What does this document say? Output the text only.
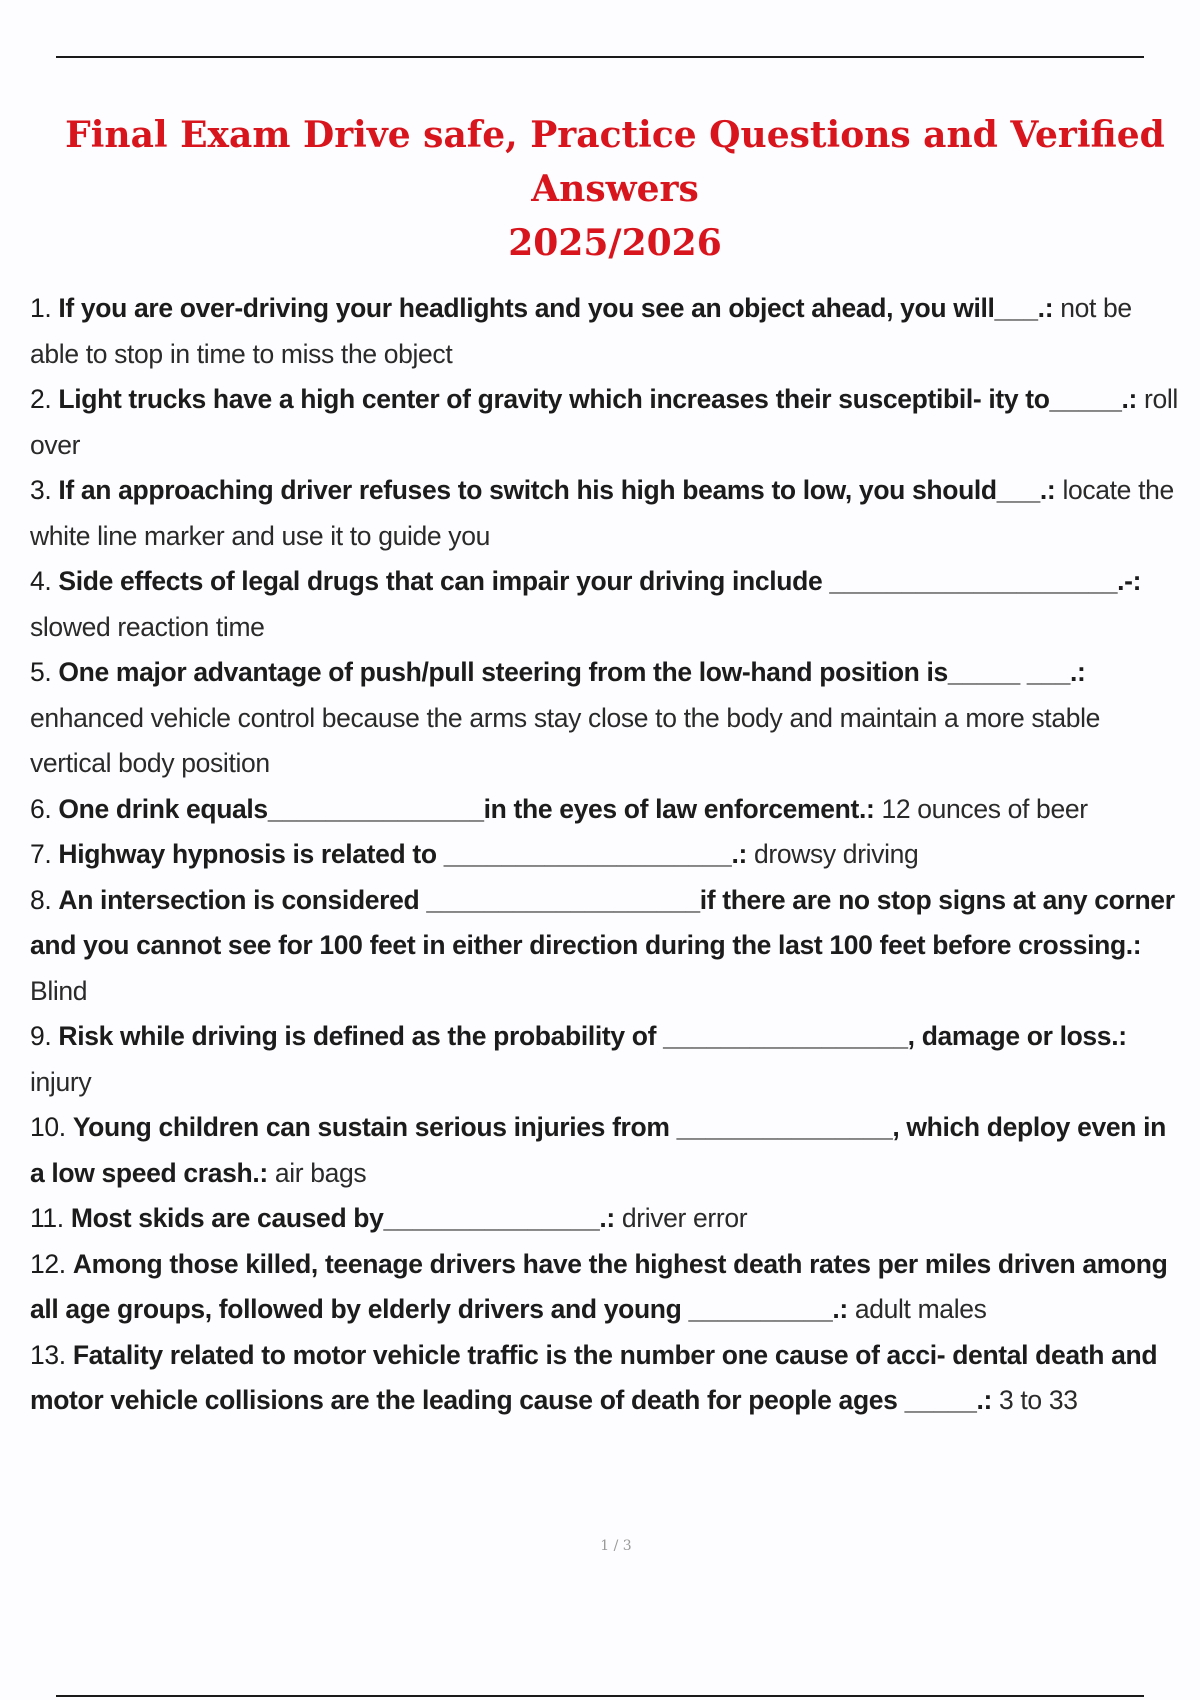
Final Exam Drive safe, Practice Questions and Verified Answers
2025/2026

1. If you are over-driving your headlights and you see an object ahead, you will___.: not be able to stop in time to miss the object

2. Light trucks have a high center of gravity which increases their susceptibil- ity to_____.: roll over

3. If an approaching driver refuses to switch his high beams to low, you should___.: locate the white line marker and use it to guide you

4. Side effects of legal drugs that can impair your driving include ____________________.-: slowed reaction time

5. One major advantage of push/pull steering from the low-hand position is_____ ___.: enhanced vehicle control because the arms stay close to the body and maintain a more stable vertical body position

6. One drink equals_______________in the eyes of law enforcement.: 12 ounces of beer

7. Highway hypnosis is related to ____________________.: drowsy driving

8. An intersection is considered ___________________if there are no stop signs at any corner and you cannot see for 100 feet in either direction during the last 100 feet before crossing.: Blind

9. Risk while driving is defined as the probability of _________________, damage or loss.: injury

10. Young children can sustain serious injuries from _______________, which deploy even in a low speed crash.: air bags

11. Most skids are caused by_______________.: driver error

12. Among those killed, teenage drivers have the highest death rates per miles driven among all age groups, followed by elderly drivers and young __________.: adult males

13. Fatality related to motor vehicle traffic is the number one cause of acci- dental death and motor vehicle collisions are the leading cause of death for people ages _____.: 3 to 33

1 / 3
